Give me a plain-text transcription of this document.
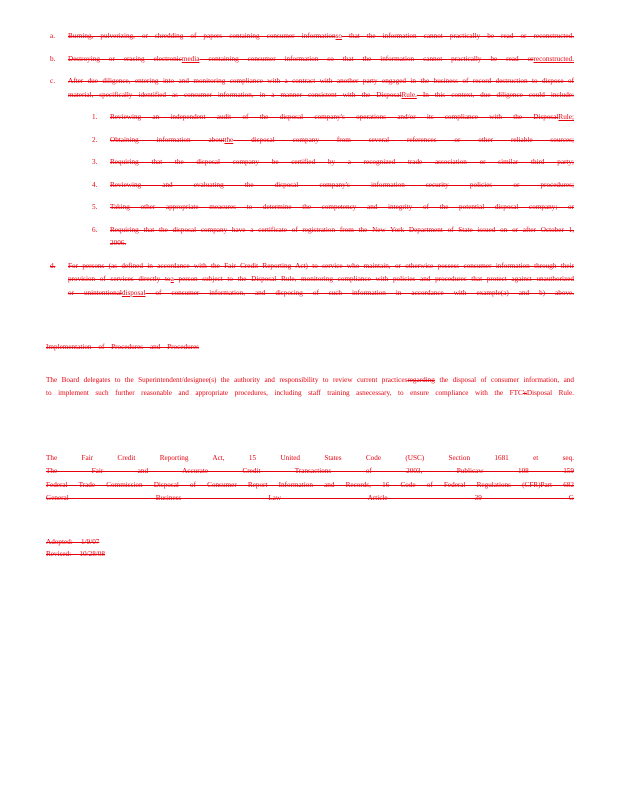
a.	Burning, pulverizing, or shredding of papers containing consumer informationso that the information cannot practically be read or reconstructed.
b.	Destroying or erasing electronicmedia containing consumer information so that the information cannot practically be read orreconstructed.
c.	After due diligence, entering into and monitoring compliance with a contract with another party engaged in the business of record destruction to dispose of material, specifically identified as consumer information, in a manner consistent with the DisposalRule. In this context, due diligence could include:
1.	Reviewing an independent audit of the disposal company's operations and/or its compliance with the DisposalRule;
2.	Obtaining information aboutthe disposal company from several references or other reliable sources;
3.	Requiring that the disposal company be certified by a recognized trade association or similar third party;
4.	Reviewing and evaluating the disposal company's information security policies or procedures;
5.	Taking other appropriate measures to determine the competency and integrity of the potential disposal company; or
6.	Requiring that the disposal company have a certificate of registration from the New York Department of State issued on or after October 1, 2006.
d.	For persons (as defined in accordance with the Fair Credit Reporting Act) to service who maintain, or otherwise possess consumer information through their provision of services directly toa person subject to the Disposal Rule, monitoring compliance with policies and procedures that protect against unauthorized or unintentionaldisposal of consumer information, and disposing of such information in accordance with example(a) and b) above.
Implementation of Procedures and Procedures
The Board delegates to the Superintendent/designee(s) the authority and responsibility to review current practicesregarding the disposal of consumer information, and to implement such further reasonable and appropriate procedures, including staff training asnecessary, to ensure compliance with the FTC'sDisposal Rule.
The Fair Credit Reporting Act, 15 United States Code (USC) Section 1681 et seq.
The Fair and Accurate Credit Transactions of 2003, Publicaw 108 159
Federal Trade Commission Disposal of Consumer Report Information and Records, 16 Code of Federal Regulations (CFR)Part 682
General Business Law Article 39 G
Adopted: 1/9/07
Revised: 10/28/08
